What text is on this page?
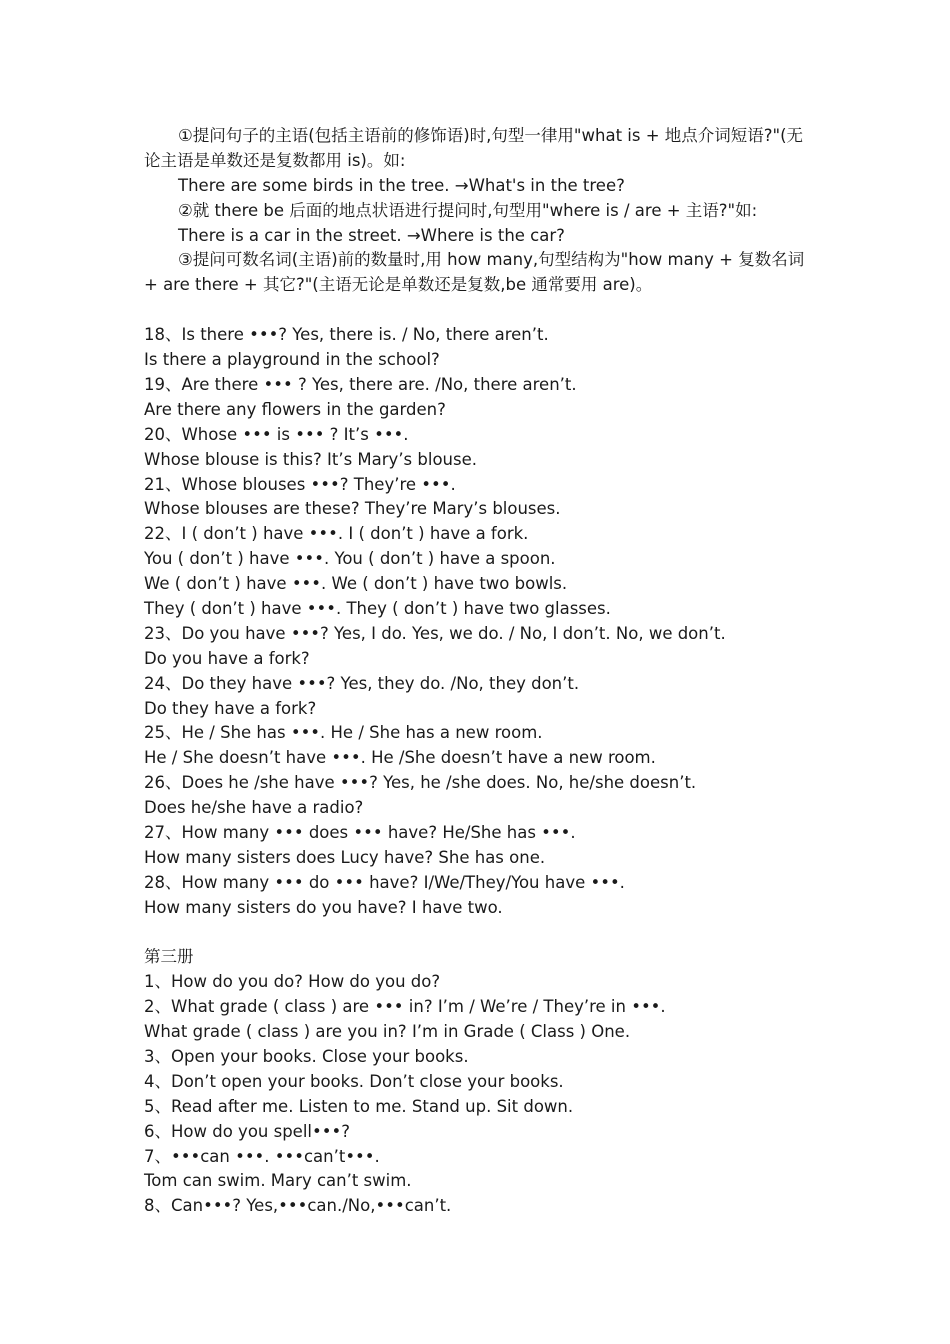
①提问句子的主语(包括主语前的修饰语)时,句型一律用"what is + 地点介词短语?"(无论主语是单数还是复数都用 is)。如:
There are some birds in the tree. →What's in the tree?
②就 there be 后面的地点状语进行提问时,句型用"where is / are + 主语?"如:
There is a car in the street. →Where is the car?
③提问可数名词(主语)前的数量时,用 how many,句型结构为"how many + 复数名词 + are there + 其它?"(主语无论是单数还是复数,be 通常要用 are)。
18、Is there •••? Yes, there is. / No, there aren’t.
Is there a playground in the school?
19、Are there ••• ? Yes, there are. /No, there aren’t.
Are there any flowers in the garden?
20、Whose ••• is ••• ? It’s •••.
Whose blouse is this? It’s Mary’s blouse.
21、Whose blouses •••? They’re •••.
Whose blouses are these? They’re Mary’s blouses.
22、I ( don’t ) have •••. I ( don’t ) have a fork.
You ( don’t ) have •••. You ( don’t ) have a spoon.
We ( don’t ) have •••. We ( don’t ) have two bowls.
They ( don’t ) have •••. They ( don’t ) have two glasses.
23、Do you have •••? Yes, I do. Yes, we do. / No, I don’t. No, we don’t.
Do you have a fork?
24、Do they have •••? Yes, they do. /No, they don’t.
Do they have a fork?
25、He / She has •••. He / She has a new room.
He / She doesn’t have •••. He /She doesn’t have a new room.
26、Does he /she have •••? Yes, he /she does. No, he/she doesn’t.
Does he/she have a radio?
27、How many ••• does ••• have? He/She has •••.
How many sisters does Lucy have? She has one.
28、How many ••• do ••• have? I/We/They/You have •••.
How many sisters do you have? I have two.
第三册
1、How do you do? How do you do?
2、What grade ( class ) are ••• in? I’m / We’re / They’re in •••.
What grade ( class ) are you in? I’m in Grade ( Class ) One.
3、Open your books. Close your books.
4、Don’t open your books. Don’t close your books.
5、Read after me. Listen to me. Stand up. Sit down.
6、How do you spell•••?
7、•••can •••. •••can’t•••.
Tom can swim. Mary can’t swim.
8、Can•••? Yes,•••can./No,•••can’t.
